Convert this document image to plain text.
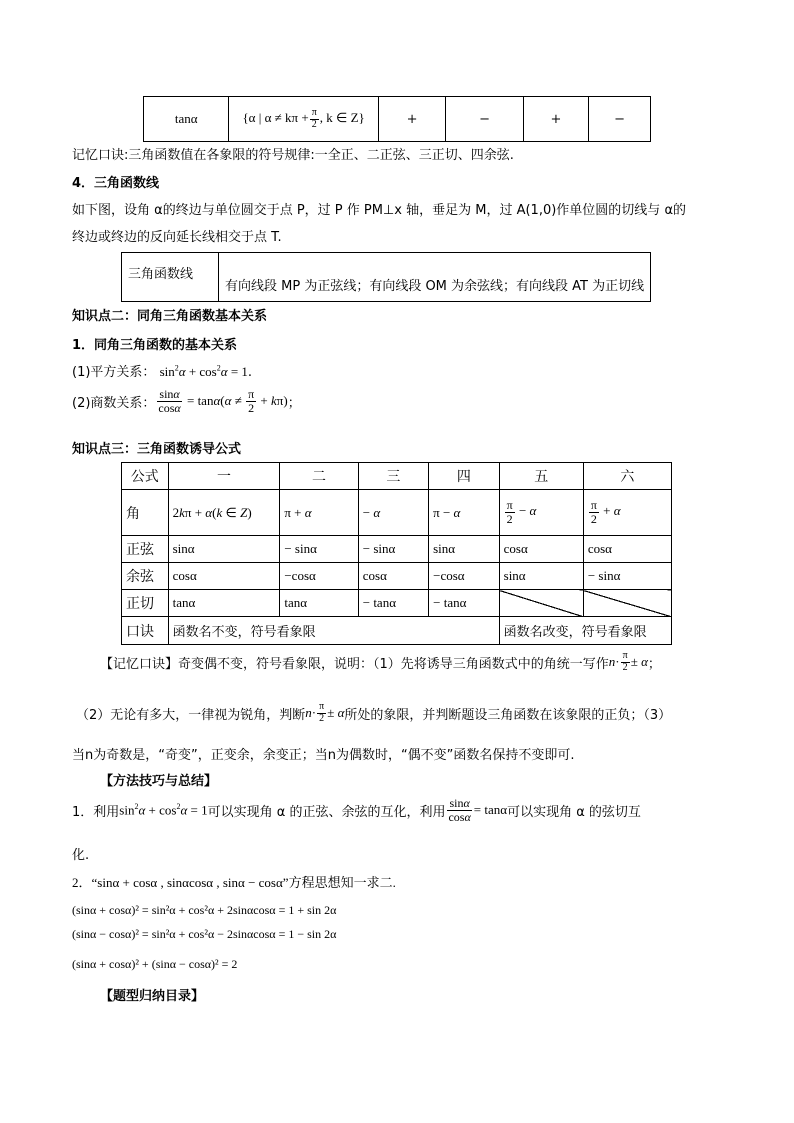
tanα	{α | $\alpha \ne k\pi + \frac{\pi}{2}$ , k ∈ Z}	+	−	+	−
记忆口诀:三角函数值在各象限的符号规律:一全正、二正弦、三正切、四余弦.
4．三角函数线
如下图，设角 α的终边与单位圆交于点 P，过 P 作 PM⊥x 轴，垂足为 M，过 A(1,0)作单位圆的切线与 α的
终边或终边的反向延长线相交于点 T.
三角函数线	有向线段 MP 为正弦线；有向线段 OM 为余弦线；有向线段 AT 为正切线
知识点二：同角三角函数基本关系
1．同角三角函数的基本关系
(1)平方关系： $\sin^2\alpha + \cos^2\alpha = 1$.
(2)商数关系： $\frac{\sin\alpha}{\cos\alpha} = \tan\alpha(\alpha \ne \frac{\pi}{2} + k\pi)$ ；
知识点三：三角函数诱导公式
公式	一	二	三	四	五	六
角	2kπ + α(k ∈ Z)	π + α	− α	π − α	$\frac{\pi}{2} - \alpha$	$\frac{\pi}{2} + \alpha$
正弦	sinα	− sinα	− sinα	sinα	cosα	cosα
余弦	cosα	−cosα	cosα	−cosα	sinα	− sinα
正切	tanα	tanα	− tanα	− tanα		
口诀	函数名不变，符号看象限				函数名改变，符号看象限	
【记忆口诀】奇变偶不变，符号看象限，说明：（1）先将诱导三角函数式中的角统一写作 $n\cdot \frac{\pi}{2} \pm \alpha$ ；
（2）无论有多大，一律视为锐角，判断 $n\cdot \frac{\pi}{2} \pm \alpha$ 所处的象限，并判断题设三角函数在该象限的正负；（3）
当n为奇数是，“奇变”，正变余，余变正；当n为偶数时，“偶不变”函数名保持不变即可.
【方法技巧与总结】
1．利用 $\sin^2\alpha + \cos^2\alpha = 1$ 可以实现角 α 的正弦、余弦的互化，利用 $\frac{\sin\alpha}{\cos\alpha} = \tan\alpha$ 可以实现角 α 的弦切互
化.
2．“sinα + cosα , sinαcosα , sinα − cosα”方程思想知一求二.
(sinα + cosα)² = sin²α + cos²α + 2sinαcosα = 1 + sin 2α
(sinα − cosα)² = sin²α + cos²α − 2sinαcosα = 1 − sin 2α
(sinα + cosα)² + (sinα − cosα)² = 2
【题型归纳目录】
